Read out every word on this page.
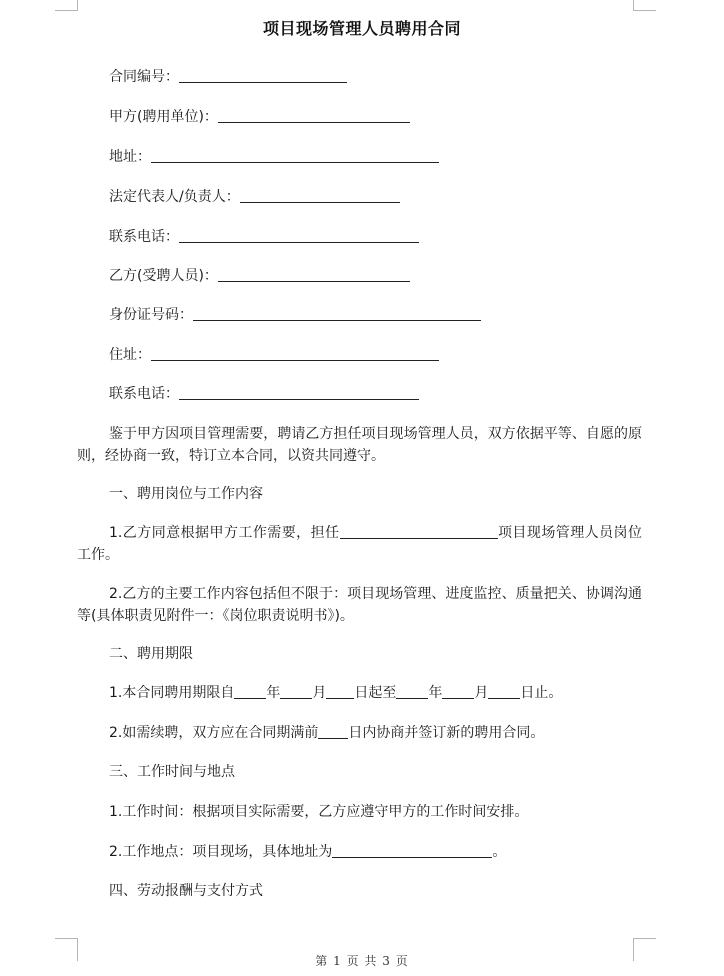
项目现场管理人员聘用合同
合同编号：
甲方(聘用单位)：
地址：
法定代表人/负责人：
联系电话：
乙方(受聘人员)：
身份证号码：
住址：
联系电话：
鉴于甲方因项目管理需要，聘请乙方担任项目现场管理人员，双方依据平等、自愿的原则，经协商一致，特订立本合同，以资共同遵守。
一、聘用岗位与工作内容
1.乙方同意根据甲方工作需要，担任	项目现场管理人员岗位工作。
2.乙方的主要工作内容包括但不限于：项目现场管理、进度监控、质量把关、协调沟通等(具体职责见附件一：《岗位职责说明书》)。
二、聘用期限
1.本合同聘用期限自 年 月 日起至 年 月 日止。
2.如需续聘，双方应在合同期满前 日内协商并签订新的聘用合同。
三、工作时间与地点
1.工作时间：根据项目实际需要，乙方应遵守甲方的工作时间安排。
2.工作地点：项目现场，具体地址为	。
四、劳动报酬与支付方式
第 1 页 共 3 页
